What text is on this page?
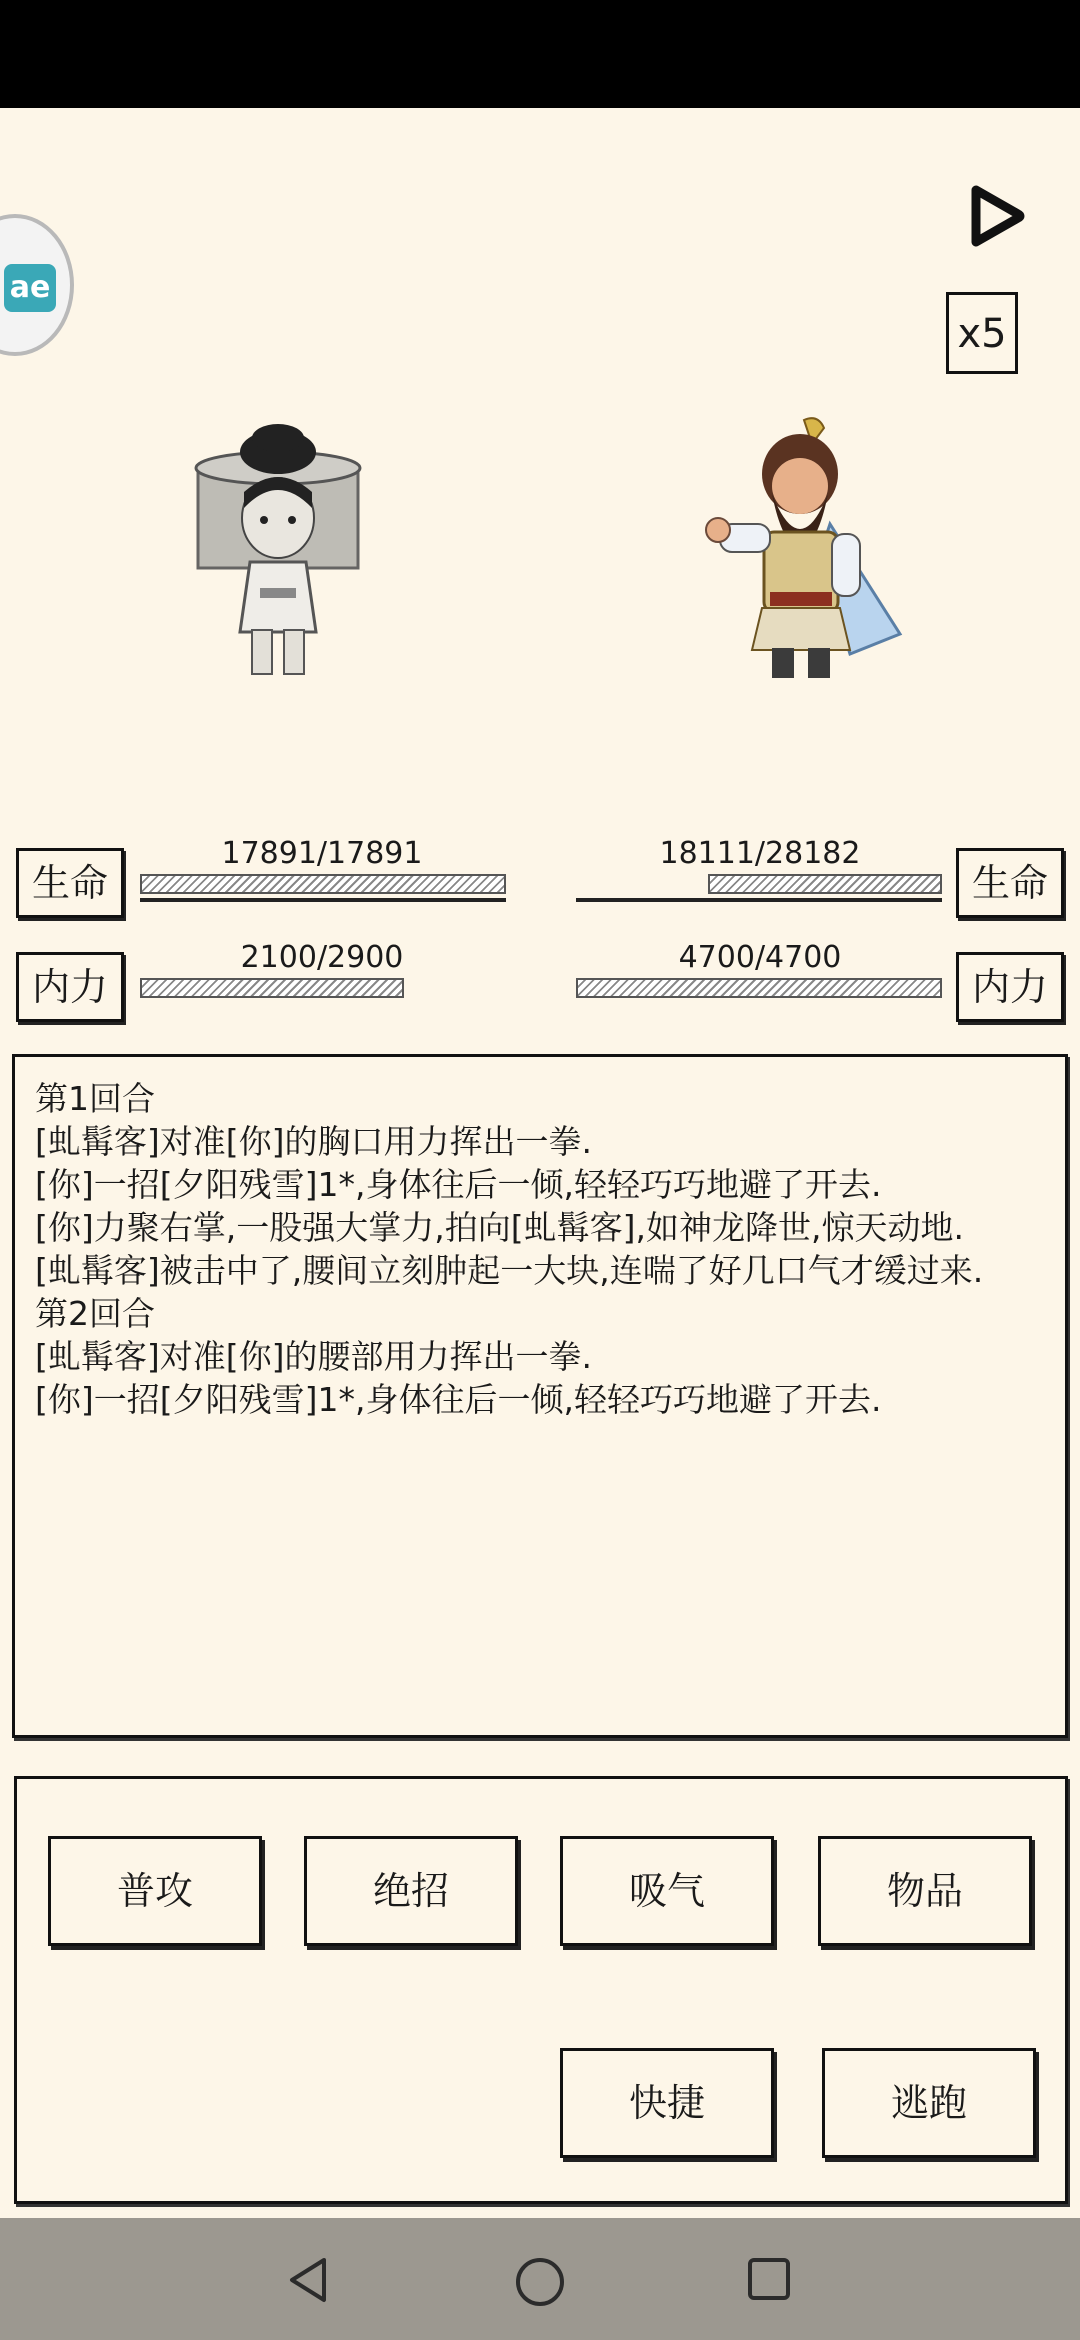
ae
x5
生命
17891/17891
生命
18111/28182
内力
2100/2900
内力
4700/4700
第1回合
[虬髯客]对准[你]的胸口用力挥出一拳.
[你]一招[夕阳残雪]1*,身体往后一倾,轻轻巧巧地避了开去.
[你]力聚右掌,一股强大掌力,拍向[虬髯客],如神龙降世,惊天动地.
[虬髯客]被击中了,腰间立刻肿起一大块,连喘了好几口气才缓过来.
第2回合
[虬髯客]对准[你]的腰部用力挥出一拳.
[你]一招[夕阳残雪]1*,身体往后一倾,轻轻巧巧地避了开去.
普攻	绝招	吸气	物品
快捷	逃跑
